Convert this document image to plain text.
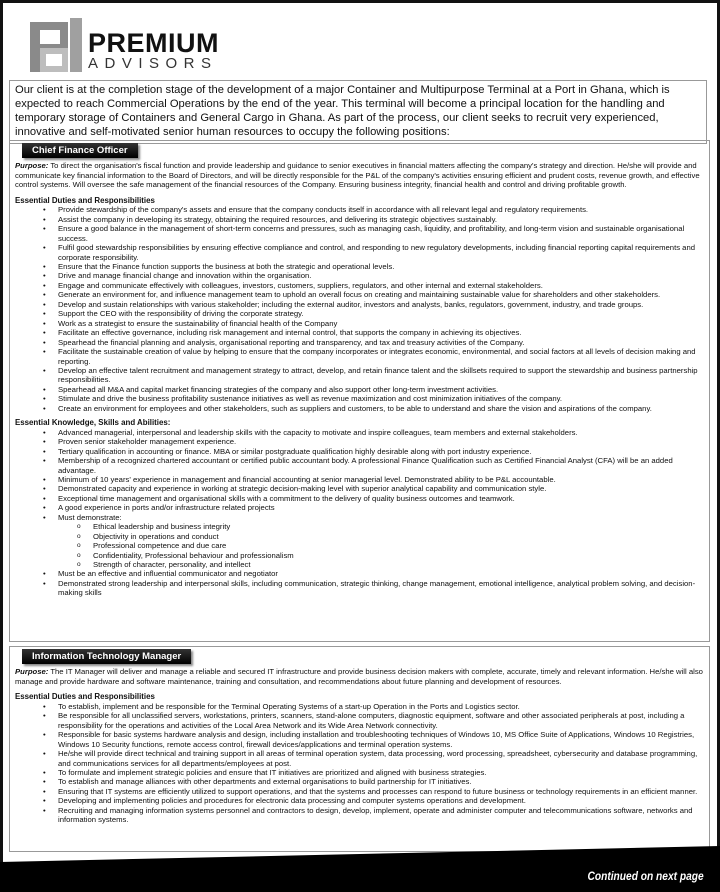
PREMIUM
ADVISORS
Our client is at the completion stage of the development of a major Container and Multipurpose Terminal at a Port in Ghana, which is expected to reach Commercial Operations by the end of the year. This terminal will become a principal location for the handling and temporary storage of Containers and General Cargo in Ghana. As part of the process, our client seeks to recruit very experienced, innovative and self-motivated senior human resources to occupy the following positions:
Chief Finance Officer

Purpose: To direct the organisation's fiscal function and provide leadership and guidance to senior executives in financial matters affecting the company's strategy and direction. He/she will provide and communicate key financial information to the Board of Directors, and will be directly responsible for the P&L of the company's activities ensuring efficient and prudent costs, revenue growth, and effective control systems. Will oversee the safe management of the financial resources of the Company. Ensuring business integrity, financial health and control and driving profitable growth.

Essential Duties and Responsibilities
• Provide stewardship of the company's assets and ensure that the company conducts itself in accordance with all relevant legal and regulatory requirements.
• Assist the company in developing its strategy, obtaining the required resources, and delivering its strategic objectives sustainably.
• Ensure a good balance in the management of short-term concerns and pressures, such as managing cash, liquidity, and profitability, and long-term vision and sustainable organisational success.
• Fulfil good stewardship responsibilities by ensuring effective compliance and control, and responding to new regulatory developments, including financial reporting capital requirements and corporate responsibility.
• Ensure that the Finance function supports the business at both the strategic and operational levels.
• Drive and manage financial change and innovation within the organisation.
• Engage and communicate effectively with colleagues, investors, customers, suppliers, regulators, and other internal and external stakeholders.
• Generate an environment for, and influence management team to uphold an overall focus on creating and maintaining sustainable value for shareholders and other stakeholders.
• Develop and sustain relationships with various stakeholder; including the external auditor, investors and analysts, banks, regulators, government, industry, and trade groups.
• Support the CEO with the responsibility of driving the corporate strategy.
• Work as a strategist to ensure the sustainability of financial health of the Company
• Facilitate an effective governance, including risk management and internal control, that supports the company in achieving its objectives.
• Spearhead the financial planning and analysis, organisational reporting and transparency, and tax and treasury activities of the Company.
• Facilitate the sustainable creation of value by helping to ensure that the company incorporates or integrates economic, environmental, and social factors at all levels of decision making and reporting.
• Develop an effective talent recruitment and management strategy to attract, develop, and retain finance talent and the skillsets required to support the stewardship and business partnership responsibilities.
• Spearhead all M&A and capital market financing strategies of the company and also support other long-term investment activities.
• Stimulate and drive the business profitability sustenance initiatives as well as revenue maximization and cost minimization initiatives of the company.
• Create an environment for employees and other stakeholders, such as suppliers and customers, to be able to understand and share the vision and aspirations of the company.
Essential Knowledge, Skills and Abilities:
• Advanced managerial, interpersonal and leadership skills with the capacity to motivate and inspire colleagues, team members and external stakeholders.
• Proven senior stakeholder management experience.
• Tertiary qualification in accounting or finance. MBA or similar postgraduate qualification highly desirable along with port industry experience.
• Membership of a recognized chartered accountant or certified public accountant body. A professional Finance Qualification such as Certified Financial Analyst (CFA) will be an added advantage.
• Minimum of 10 years' experience in management and financial accounting at senior managerial level. Demonstrated ability to be P&L accountable.
• Demonstrated capacity and experience in working at strategic decision-making level with superior analytical capability and communication style.
• Exceptional time management and organisational skills with a commitment to the delivery of quality business outcomes and teamwork.
• A good experience in ports and/or infrastructure related projects
• Must demonstrate:
o Ethical leadership and business integrity
o Objectivity in operations and conduct
o Professional competence and due care
o Confidentiality, Professional behaviour and professionalism
o Strength of character, personality, and intellect
• Must be an effective and influential communicator and negotiator
• Demonstrated strong leadership and interpersonal skills, including communication, strategic thinking, change management, emotional intelligence, analytical problem solving, and decision-making skills
Information Technology Manager

Purpose: The IT Manager will deliver and manage a reliable and secured IT infrastructure and provide business decision makers with complete, accurate, timely and relevant information. He/she will also manage and provide hardware and software maintenance, training and consultation, and recommendations about future planning and development of resources.

Essential Duties and Responsibilities
• To establish, implement and be responsible for the Terminal Operating Systems of a start-up Operation in the Ports and Logistics sector.
• Be responsible for all unclassified servers, workstations, printers, scanners, stand-alone computers, diagnostic equipment, software and other associated peripherals at post, including a responsibility for the operations and activities of the Local Area Network and its Wide Area Network connectivity.
• Responsible for basic systems hardware analysis and design, including installation and troubleshooting techniques of Windows 10, MS Office Suite of Applications, Windows 10 Registries, Windows 10 Security functions, remote access control, firewall devices/applications and terminal operation systems.
• He/she will provide direct technical and training support in all areas of terminal operation system, data processing, word processing, spreadsheet, cybersecurity and database programming, and communications services for all departments/employees at post.
• To formulate and implement strategic policies and ensure that IT initiatives are prioritized and aligned with business strategies.
• To establish and manage alliances with other departments and external organisations to build partnership for IT initiatives.
• Ensuring that IT systems are efficiently utilized to support operations, and that the systems and processes can respond to future business or technology requirements in an efficient manner.
• Developing and implementing policies and procedures for electronic data processing and computer systems operations and development.
• Recruiting and managing information systems personnel and contractors to design, develop, implement, operate and administer computer and telecommunications software, networks and information systems.
Continued on next page
